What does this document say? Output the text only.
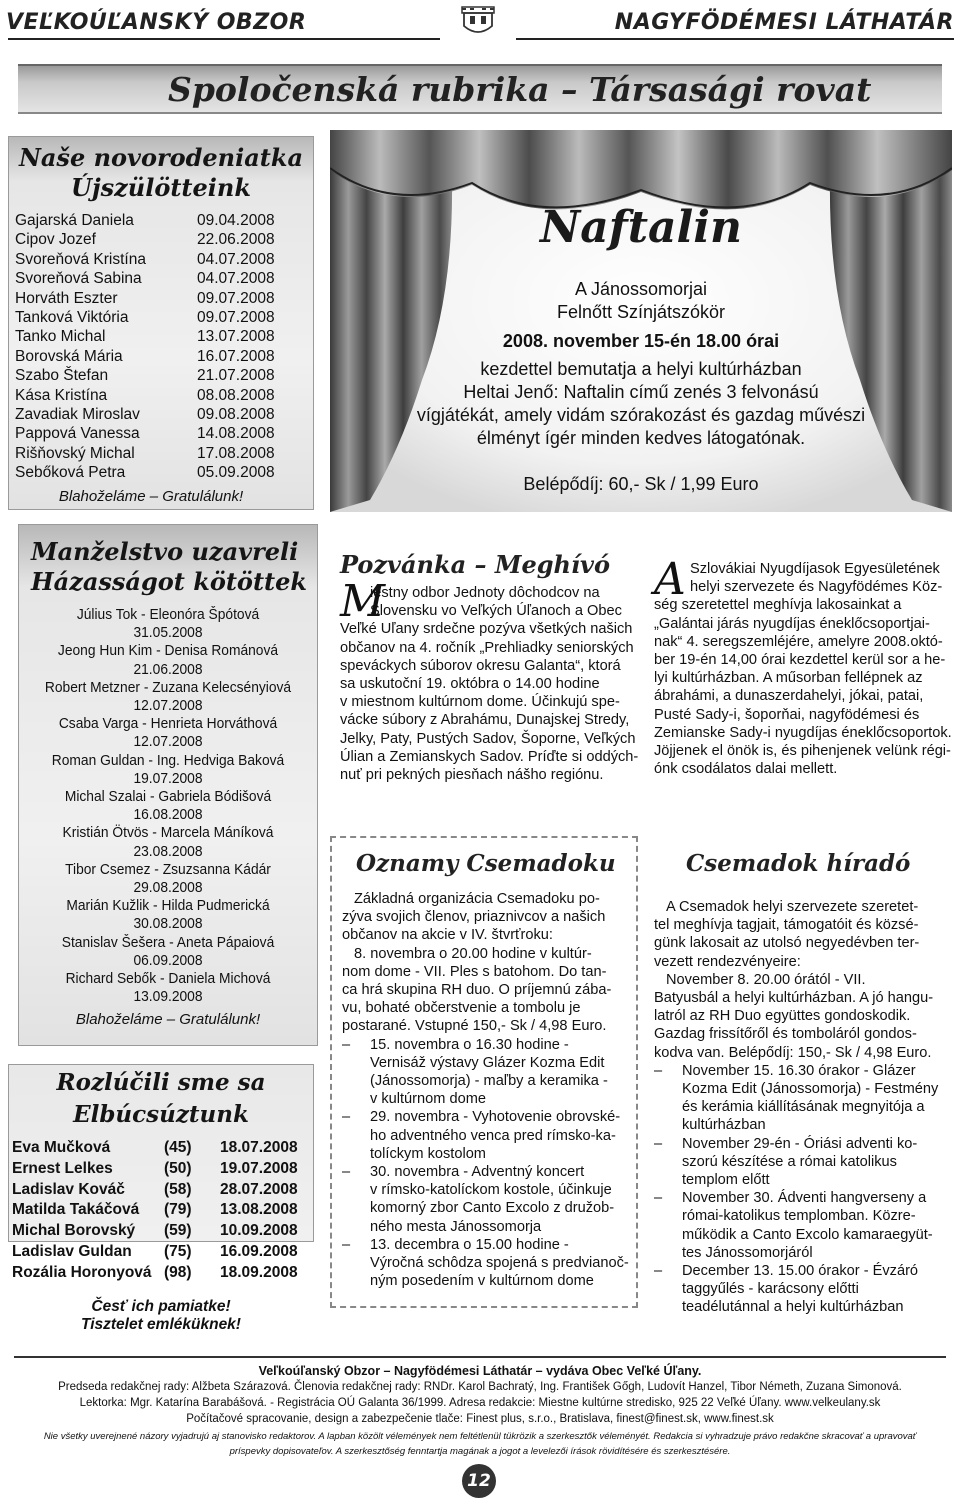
VEĽKOÚĽANSKÝ OBZOR	NAGYFÖDÉMESI LÁTHATÁR
Spoločenská rubrika – Társasági rovat
Naše novorodeniatka
Újszülötteink
Gajarská Daniela	09.04.2008
Cipov Jozef	22.06.2008
Svoreňová Kristína	04.07.2008
Svoreňová Sabina	04.07.2008
Horváth Eszter	09.07.2008
Tanková Viktória	09.07.2008
Tanko Michal	13.07.2008
Borovská Mária	16.07.2008
Szabo Štefan	21.07.2008
Kása Kristína	08.08.2008
Zavadiak Miroslav	09.08.2008
Pappová Vanessa	14.08.2008
Rišňovský Michal	17.08.2008
Sebőková Petra	05.09.2008
Blahoželáme – Gratulálunk!
Manželstvo uzavreli
Házasságot kötöttek
Július Tok - Eleonóra Špótová
31.05.2008
Jeong Hun Kim - Denisa Románová
21.06.2008
Robert Metzner - Zuzana Kelecsényiová
12.07.2008
Csaba Varga - Henrieta Horváthová
12.07.2008
Roman Guldan - Ing. Hedviga Baková
19.07.2008
Michal Szalai - Gabriela Bódišová
16.08.2008
Kristián Ötvös - Marcela Máníková
23.08.2008
Tibor Csemez - Zsuzsanna Kádár
29.08.2008
Marián Kužlik - Hilda Pudmerická
30.08.2008
Stanislav Šešera - Aneta Pápaiová
06.09.2008
Richard Sebők - Daniela Michová
13.09.2008
Blahoželáme – Gratulálunk!
Rozlúčili sme sa
Elbúcsúztunk
Eva Mučková	(45)	18.07.2008
Ernest Lelkes	(50)	19.07.2008
Ladislav Kováč	(58)	28.07.2008
Matilda Takáčová	(79)	13.08.2008
Michal Borovský	(59)	10.09.2008
Ladislav Guldan	(75)	16.09.2008
Rozália Horonyová (98)	18.09.2008
Česť ich pamiatke!
Tisztelet emléküknek!
Naftalin
A Jánossomorjai
Felnőtt Színjátszókör
2008. november 15-én 18.00 órai
kezdettel bemutatja a helyi kultúrházban
Heltai Jenő: Naftalin című zenés 3 felvonású
vígjátékát, amely vidám szórakozást és gazdag művészi
élményt ígér minden kedves látogatónak.
Belépődíj: 60,- Sk / 1,99 Euro
Pozvánka – Meghívó
M
iestny odbor Jednoty dôchodcov na
Slovensku vo Veľkých Úľanoch a Obec
Veľké Uľany srdečne pozýva všetkých našich
občanov na 4. ročník „Prehliadky seniorských
speváckych súborov okresu Galanta“, ktorá
sa uskutoční 19. októbra o 14.00 hodine
v miestnom kultúrnom dome. Účinkujú spe-
vácke súbory z Abrahámu, Dunajskej Stredy,
Jelky, Paty, Pustých Sadov, Šoporne, Veľkých
Úlian a Zemianskych Sadov. Príďte si oddých-
nuť pri pekných piesňach nášho regiónu.
A Szlovákiai Nyugdíjasok Egyesületének
helyi szervezete és Nagyfödémes Köz-
ség szeretettel meghívja lakosainkat a
„Galántai járás nyugdíjas éneklőcsoportjai-
nak“ 4. seregszemléjére, amelyre 2008.októ-
ber 19-én 14,00 órai kezdettel kerül sor a he-
lyi kultúrházban. A műsorban fellépnek az
ábrahámi, a dunaszerdahelyi, jókai, patai,
Pusté Sady-i, šoporňai, nagyfödémesi és
Zemianske Sady-i nyugdíjas éneklőcsoportok.
Jöjjenek el önök is, és pihenjenek velünk régi-
ónk csodálatos dalai mellett.
Oznamy Csemadoku
Základná organizácia Csemadoku po-
zýva svojich členov, priaznivcov a našich
občanov na akcie v IV. štvrťroku:
8. novembra o 20.00 hodine v kultúr-
nom dome - VII. Ples s batohom. Do tan-
ca hrá skupina RH duo. O príjemnú zába-
vu, bohaté občerstvenie a tombolu je
postarané. Vstupné 150,- Sk / 4,98 Euro.
–	15. novembra o 16.30 hodine -
Vernisáž výstavy Glázer Kozma Edit
(Jánossomorja) - maľby a keramika -
v kultúrnom dome
–	29. novembra - Vyhotovenie obrovské-
ho adventného venca pred rímsko-ka-
tolíckym kostolom
–	30. novembra - Adventný koncert
v rímsko-katolíckom kostole, účinkuje
komorný zbor Canto Excolo z družob-
ného mesta Jánossomorja
–	13. decembra o 15.00 hodine -
Výročná schôdza spojená s predvianoč-
ným posedením v kultúrnom dome
Csemadok híradó
A Csemadok helyi szervezete szeretet-
tel meghívja tagjait, támogatóit és közsé-
günk lakosait az utolsó negyedévben ter-
vezett rendezvényeire:
November 8. 20.00 órától - VII.
Batyusbál a helyi kultúrházban. A jó hangu-
latról az RH Duo együttes gondoskodik.
Gazdag frissítőről és tomboláról gondos-
kodva van. Belépődíj: 150,- Sk / 4,98 Euro.
–	November 15. 16.30 órakor - Glázer
Kozma Edit (Jánossomorja) - Festmény
és kerámia kiállításának megnyitója a
kultúrházban
–	November 29-én - Óriási adventi ko-
szorú készítése a római katolikus
templom előtt
–	November 30. Ádventi hangverseny a
római-katolikus templomban. Közre-
működik a Canto Excolo kamaraegyüt-
tes Jánossomorjáról
–	December 13. 15.00 órakor - Évzáró
taggyűlés - karácsony előtti
teadélutánnal a helyi kultúrházban
Veľkoúľanský Obzor – Nagyfödémesi Láthatár – vydáva Obec Veľké Úľany.
Predseda redakčnej rady: Alžbeta Szárazová. Členovia redakčnej rady: RNDr. Karol Bachratý, Ing. František Gőgh, Ludovít Hanzel, Tibor Németh, Zuzana Simonová.
Lektorka: Mgr. Katarína Barabášová. - Registrácia OÚ Galanta 36/1999. Adresa redakcie: Miestne kultúrne stredisko, 925 22 Veľké Úľany. www.velkeulany.sk
Počítačové spracovanie, design a zabezpečenie tlače: Finest plus, s.r.o., Bratislava, finest@finest.sk, www.finest.sk
Nie všetky uverejnené názory vyjadrujú aj stanovisko redaktorov. A lapban közölt vélemények nem feltétlenül tükrözik a szerkesztők véleményét. Redakcia si vyhradzuje právo redakčne skracovať a upravovať
príspevky dopisovateľov. A szerkesztőség fenntartja magának a jogot a levelezői írások rövidítésére és szerkesztésére.
12
